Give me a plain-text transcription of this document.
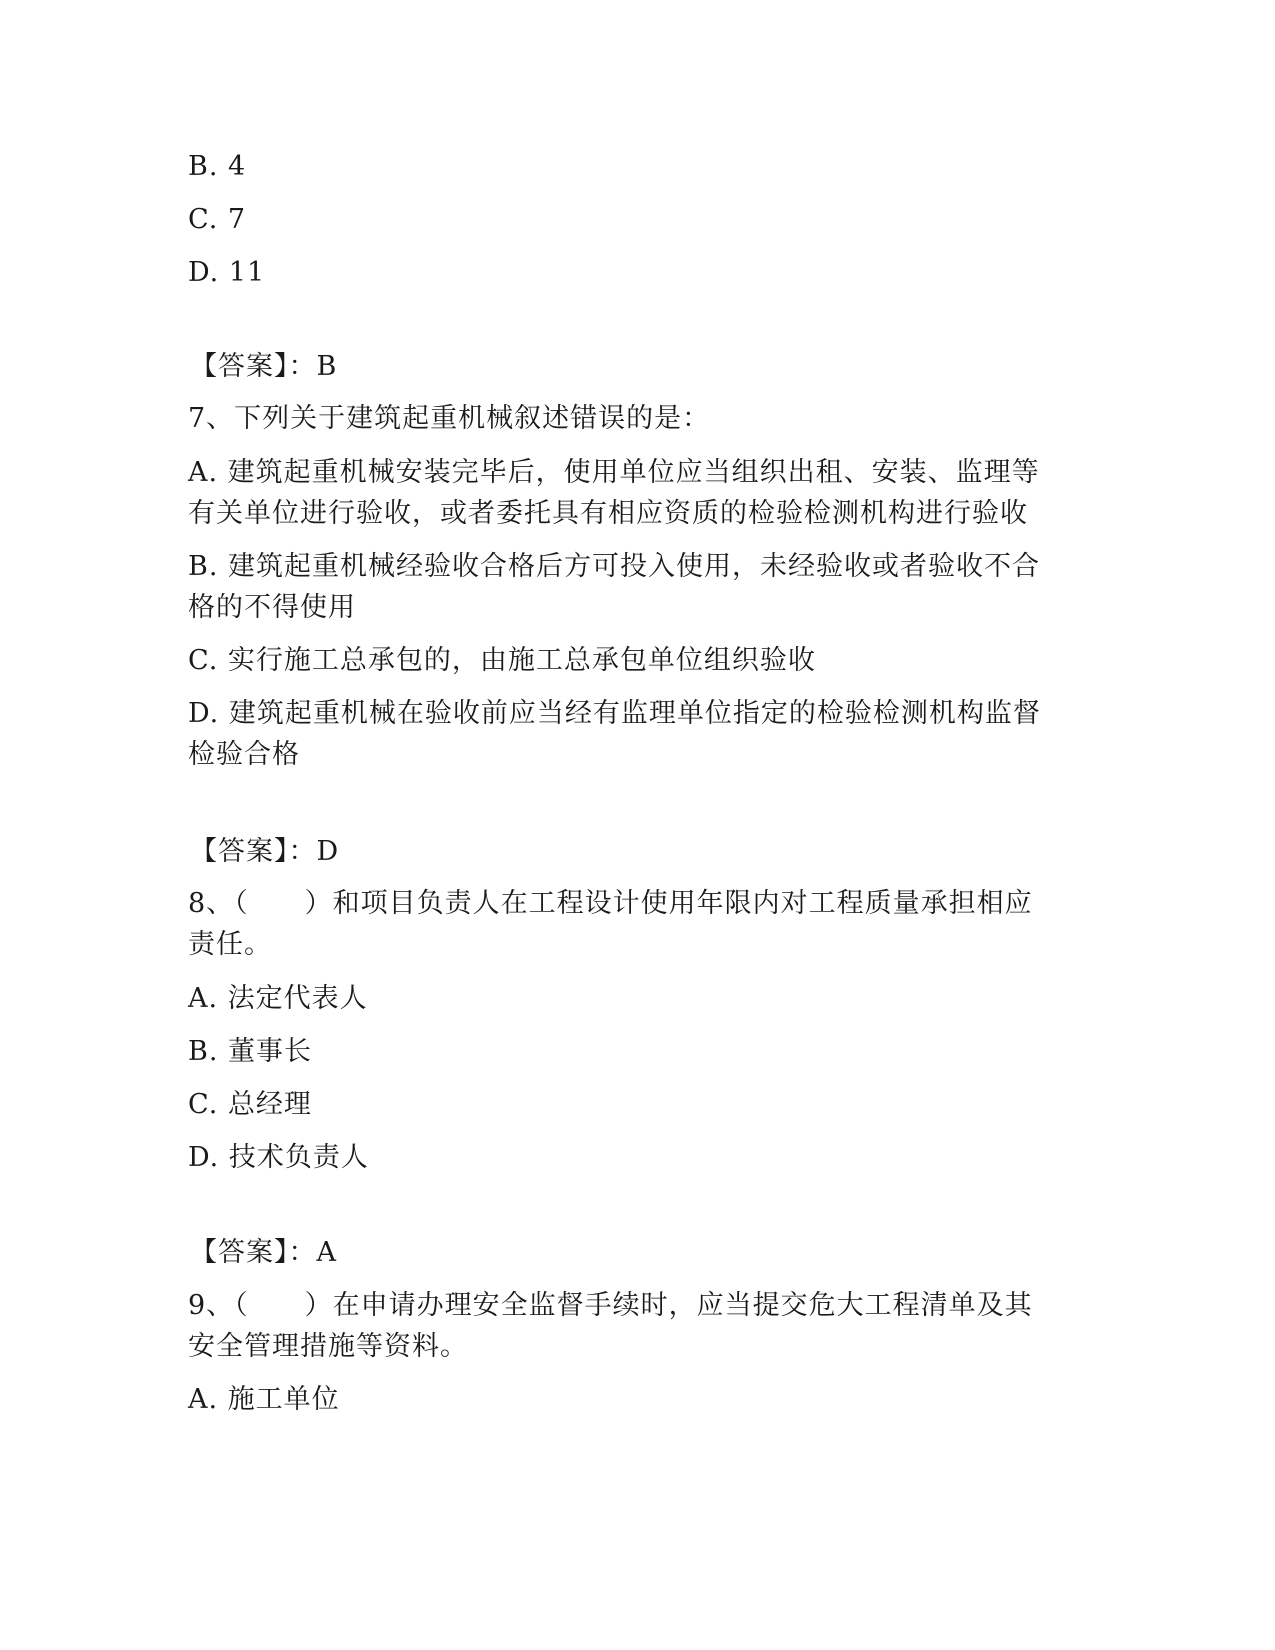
B. 4
C. 7
D. 11
【答案】：B
7、下列关于建筑起重机械叙述错误的是：
A. 建筑起重机械安装完毕后，使用单位应当组织出租、安装、监理等
有关单位进行验收，或者委托具有相应资质的检验检测机构进行验收
B. 建筑起重机械经验收合格后方可投入使用，未经验收或者验收不合
格的不得使用
C. 实行施工总承包的，由施工总承包单位组织验收
D. 建筑起重机械在验收前应当经有监理单位指定的检验检测机构监督
检验合格
【答案】：D
8、（　　）和项目负责人在工程设计使用年限内对工程质量承担相应
责任。
A. 法定代表人
B. 董事长
C. 总经理
D. 技术负责人
【答案】：A
9、（　　）在申请办理安全监督手续时，应当提交危大工程清单及其
安全管理措施等资料。
A. 施工单位
